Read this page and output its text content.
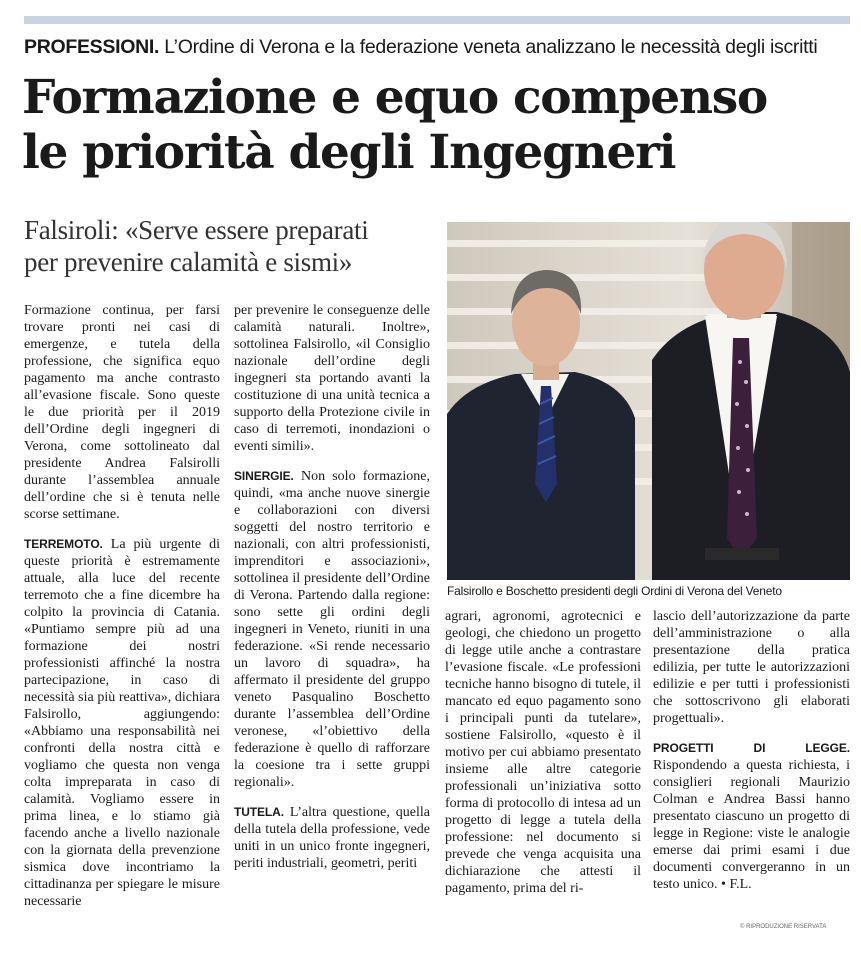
PROFESSIONI. L’Ordine di Verona e la federazione veneta analizzano le necessità degli iscritti
Formazione e equo compenso
le priorità degli Ingegneri
Falsiroli: «Serve essere preparati
per prevenire calamità e sismi»
Falsirollo e Boschetto presidenti degli Ordini di Verona del Veneto

Formazione continua, per farsi trovare pronti nei casi di emergenze, e tutela della professione, che significa equo pagamento ma anche contrasto all’evasione fiscale. Sono queste le due priorità per il 2019 dell’Ordine degli ingegneri di Verona, come sottolineato dal presidente Andrea Falsirolli durante l’assemblea annuale dell’ordine che si è tenuta nelle scorse settimane.

TERREMOTO. La più urgente di queste priorità è estremamente attuale, alla luce del recente terremoto che a fine dicembre ha colpito la provincia di Catania. «Puntiamo sempre più ad una formazione dei nostri professionisti affinché la nostra partecipazione, in caso di necessità sia più reattiva», dichiara Falsirollo, aggiungendo: «Abbiamo una responsabilità nei confronti della nostra città e vogliamo che questa non venga colta impreparata in caso di calamità. Vogliamo essere in prima linea, e lo stiamo già facendo anche a livello nazionale con la giornata della prevenzione sismica dove incontriamo la cittadinanza per spiegare le misure necessarie

per prevenire le conseguenze delle calamità naturali. Inoltre», sottolinea Falsirollo, «il Consiglio nazionale dell’ordine degli ingegneri sta portando avanti la costituzione di una unità tecnica a supporto della Protezione civile in caso di terremoti, inondazioni o eventi simili».

SINERGIE. Non solo formazione, quindi, «ma anche nuove sinergie e collaborazioni con diversi soggetti del nostro territorio e nazionali, con altri professionisti, imprenditori e associazioni», sottolinea il presidente dell’Ordine di Verona. Partendo dalla regione: sono sette gli ordini degli ingegneri in Veneto, riuniti in una federazione. «Si rende necessario un lavoro di squadra», ha affermato il presidente del gruppo veneto Pasqualino Boschetto durante l’assemblea dell’Ordine veronese, «l’obiettivo della federazione è quello di rafforzare la coesione tra i sette gruppi regionali».

TUTELA. L’altra questione, quella della tutela della professione, vede uniti in un unico fronte ingegneri, periti industriali, geometri, periti

agrari, agronomi, agrotecnici e geologi, che chiedono un progetto di legge utile anche a contrastare l’evasione fiscale. «Le professioni tecniche hanno bisogno di tutele, il mancato ed equo pagamento sono i principali punti da tutelare», sostiene Falsirollo, «questo è il motivo per cui abbiamo presentato insieme alle altre categorie professionali un’iniziativa sotto forma di protocollo di intesa ad un progetto di legge a tutela della professione: nel documento si prevede che venga acquisita una dichiarazione che attesti il pagamento, prima del ri-

lascio dell’autorizzazione da parte dell’amministrazione o alla presentazione della pratica edilizia, per tutte le autorizzazioni edilizie e per tutti i professionisti che sottoscrivono gli elaborati progettuali».

PROGETTI DI LEGGE. Rispondendo a questa richiesta, i consiglieri regionali Maurizio Colman e Andrea Bassi hanno presentato ciascuno un progetto di legge in Regione: viste le analogie emerse dai primi esami i due documenti convergeranno in un testo unico. • F.L.

© RIPRODUZIONE RISERVATA
